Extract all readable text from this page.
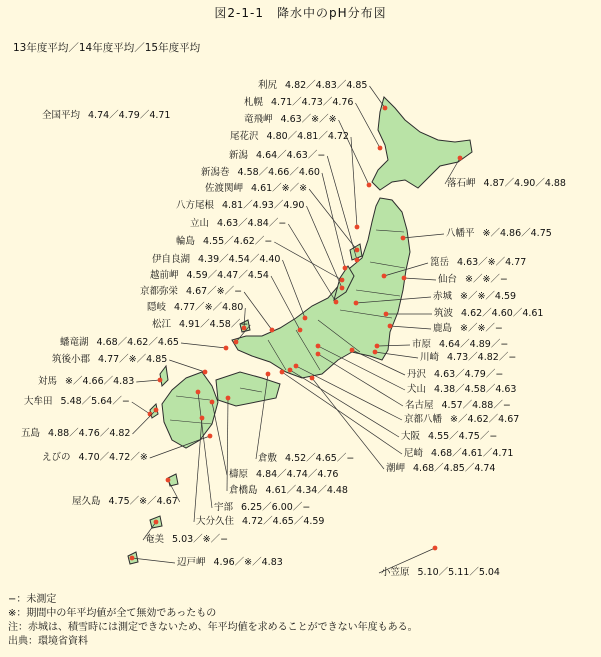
図2-1-1　降水中のpH分布図
13年度平均／14年度平均／15年度平均
利尻 4.82／4.83／4.85
札幌 4.71／4.73／4.76
竜飛岬 4.63／※／※
尾花沢 4.80／4.81／4.72
新潟 4.64／4.63／−
新潟巻 4.58／4.66／4.60
佐渡関岬 4.61／※／※
八方尾根 4.81／4.93／4.90
立山 4.63／4.84／−
輪島 4.55／4.62／−
伊自良湖 4.39／4.54／4.40
越前岬 4.59／4.47／4.54
京都弥栄 4.67／※／−
隠岐 4.77／※／4.80
松江 4.91／4.58／−
蟠竜湖 4.68／4.62／4.65
筑後小郡 4.77／※／4.85
対馬 ※／4.66／4.83
大牟田 5.48／5.64／−
五島 4.88／4.76／4.82
えびの 4.70／4.72／※
屋久島 4.75／※／4.67
奄美 5.03／※／−
辺戸岬 4.96／※／4.83
倉敷 4.52／4.65／−
檮原 4.84／4.74／4.76
倉橋島 4.61／4.34／4.48
宇部 6.25／6.00／−
大分久住 4.72／4.65／4.59
小笠原 5.10／5.11／5.04
全国平均 4.74／4.79／4.71
落石岬 4.87／4.90／4.88
八幡平 ※／4.86／4.75
箆岳 4.63／※／4.77
仙台 ※／※／−
赤城 ※／※／4.59
筑波 4.62／4.60／4.61
鹿島 ※／※／−
市原 4.64／4.89／−
川崎 4.73／4.82／−
丹沢 4.63／4.79／−
犬山 4.38／4.58／4.63
名古屋 4.57／4.88／−
京都八幡 ※／4.62／4.67
大阪 4.55／4.75／−
尼崎 4.68／4.61／4.71
潮岬 4.68／4.85／4.74
−：未測定
※：期間中の年平均値が全て無効であったもの
注：赤城は、積雪時には測定できないため、年平均値を求めることができない年度もある。
出典：環境省資料
